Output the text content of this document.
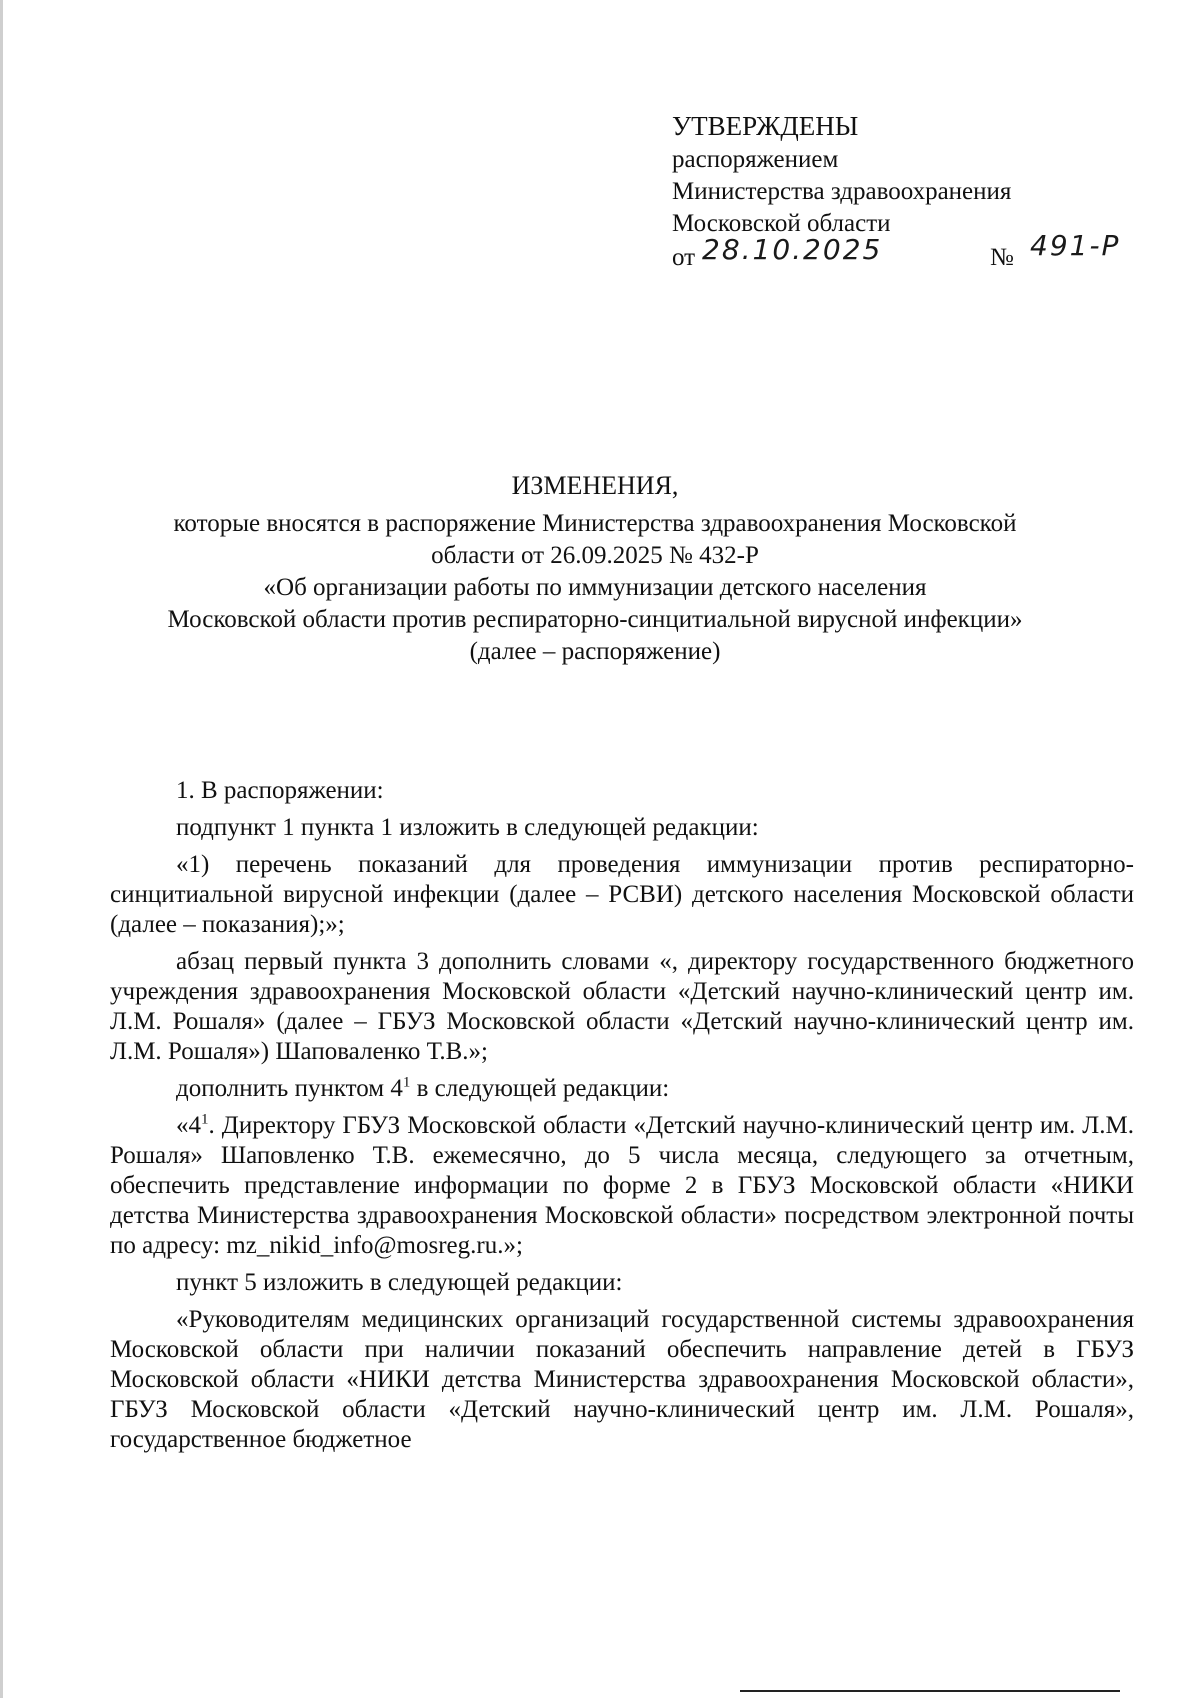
УТВЕРЖДЕНЫ
распоряжением
Министерства здравоохранения
Московской области
от 28.10.2025	№ 491-Р
ИЗМЕНЕНИЯ,
которые вносятся в распоряжение Министерства здравоохранения Московской
области от 26.09.2025 № 432-Р
«Об организации работы по иммунизации детского населения
Московской области против респираторно-синцитиальной вирусной инфекции»
(далее – распоряжение)

1. В распоряжении:

подпункт 1 пункта 1 изложить в следующей редакции:

«1) перечень показаний для проведения иммунизации против респираторно-синцитиальной вирусной инфекции (далее – РСВИ) детского населения Московской области (далее – показания);»;

абзац первый пункта 3 дополнить словами «, директору государственного бюджетного учреждения здравоохранения Московской области «Детский научно-клинический центр им. Л.М. Рошаля» (далее – ГБУЗ Московской области «Детский научно-клинический центр им. Л.М. Рошаля») Шаповаленко Т.В.»;

дополнить пунктом $4^1$ в следующей редакции:

«$4^1$. Директору ГБУЗ Московской области «Детский научно-клинический центр им. Л.М. Рошаля» Шаповленко Т.В. ежемесячно, до 5 числа месяца, следующего за отчетным, обеспечить представление информации по форме 2 в ГБУЗ Московской области «НИКИ детства Министерства здравоохранения Московской области» посредством электронной почты по адресу: mz_nikid_info@mosreg.ru.»;

пункт 5 изложить в следующей редакции:

«Руководителям медицинских организаций государственной системы здравоохранения Московской области при наличии показаний обеспечить направление детей в ГБУЗ Московской области «НИКИ детства Министерства здравоохранения Московской области», ГБУЗ Московской области «Детский научно-клинический центр им. Л.М. Рошаля», государственное бюджетное
